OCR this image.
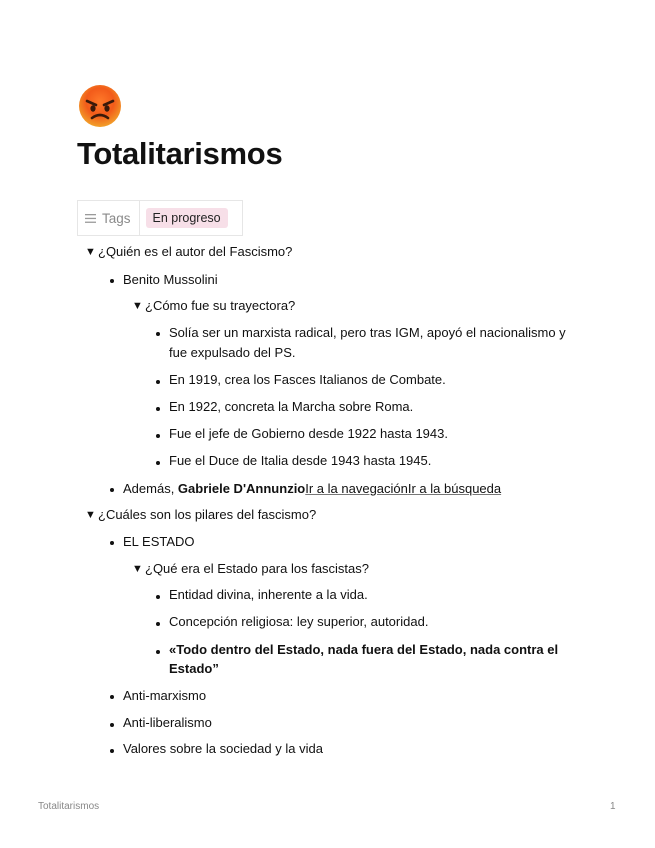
Totalitarismos
Tags	En progreso
▼ ¿Quién es el autor del Fascismo?
Benito Mussolini
▼ ¿Cómo fue su trayectora?
Solía ser un marxista radical, pero tras IGM, apoyó el nacionalismo y
fue expulsado del PS.
En 1919, crea los Fasces Italianos de Combate.
En 1922, concreta la Marcha sobre Roma.
Fue el jefe de Gobierno desde 1922 hasta 1943.
Fue el Duce de Italia desde 1943 hasta 1945.
Además, Gabriele D'AnnunzioIr a la navegaciónIr a la búsqueda
▼ ¿Cuáles son los pilares del fascismo?
EL ESTADO
▼ ¿Qué era el Estado para los fascistas?
Entidad divina, inherente a la vida.
Concepción religiosa: ley superior, autoridad.
«Todo dentro del Estado, nada fuera del Estado, nada contra el
Estado”
Anti-marxismo
Anti-liberalismo
Valores sobre la sociedad y la vida
Totalitarismos	1
